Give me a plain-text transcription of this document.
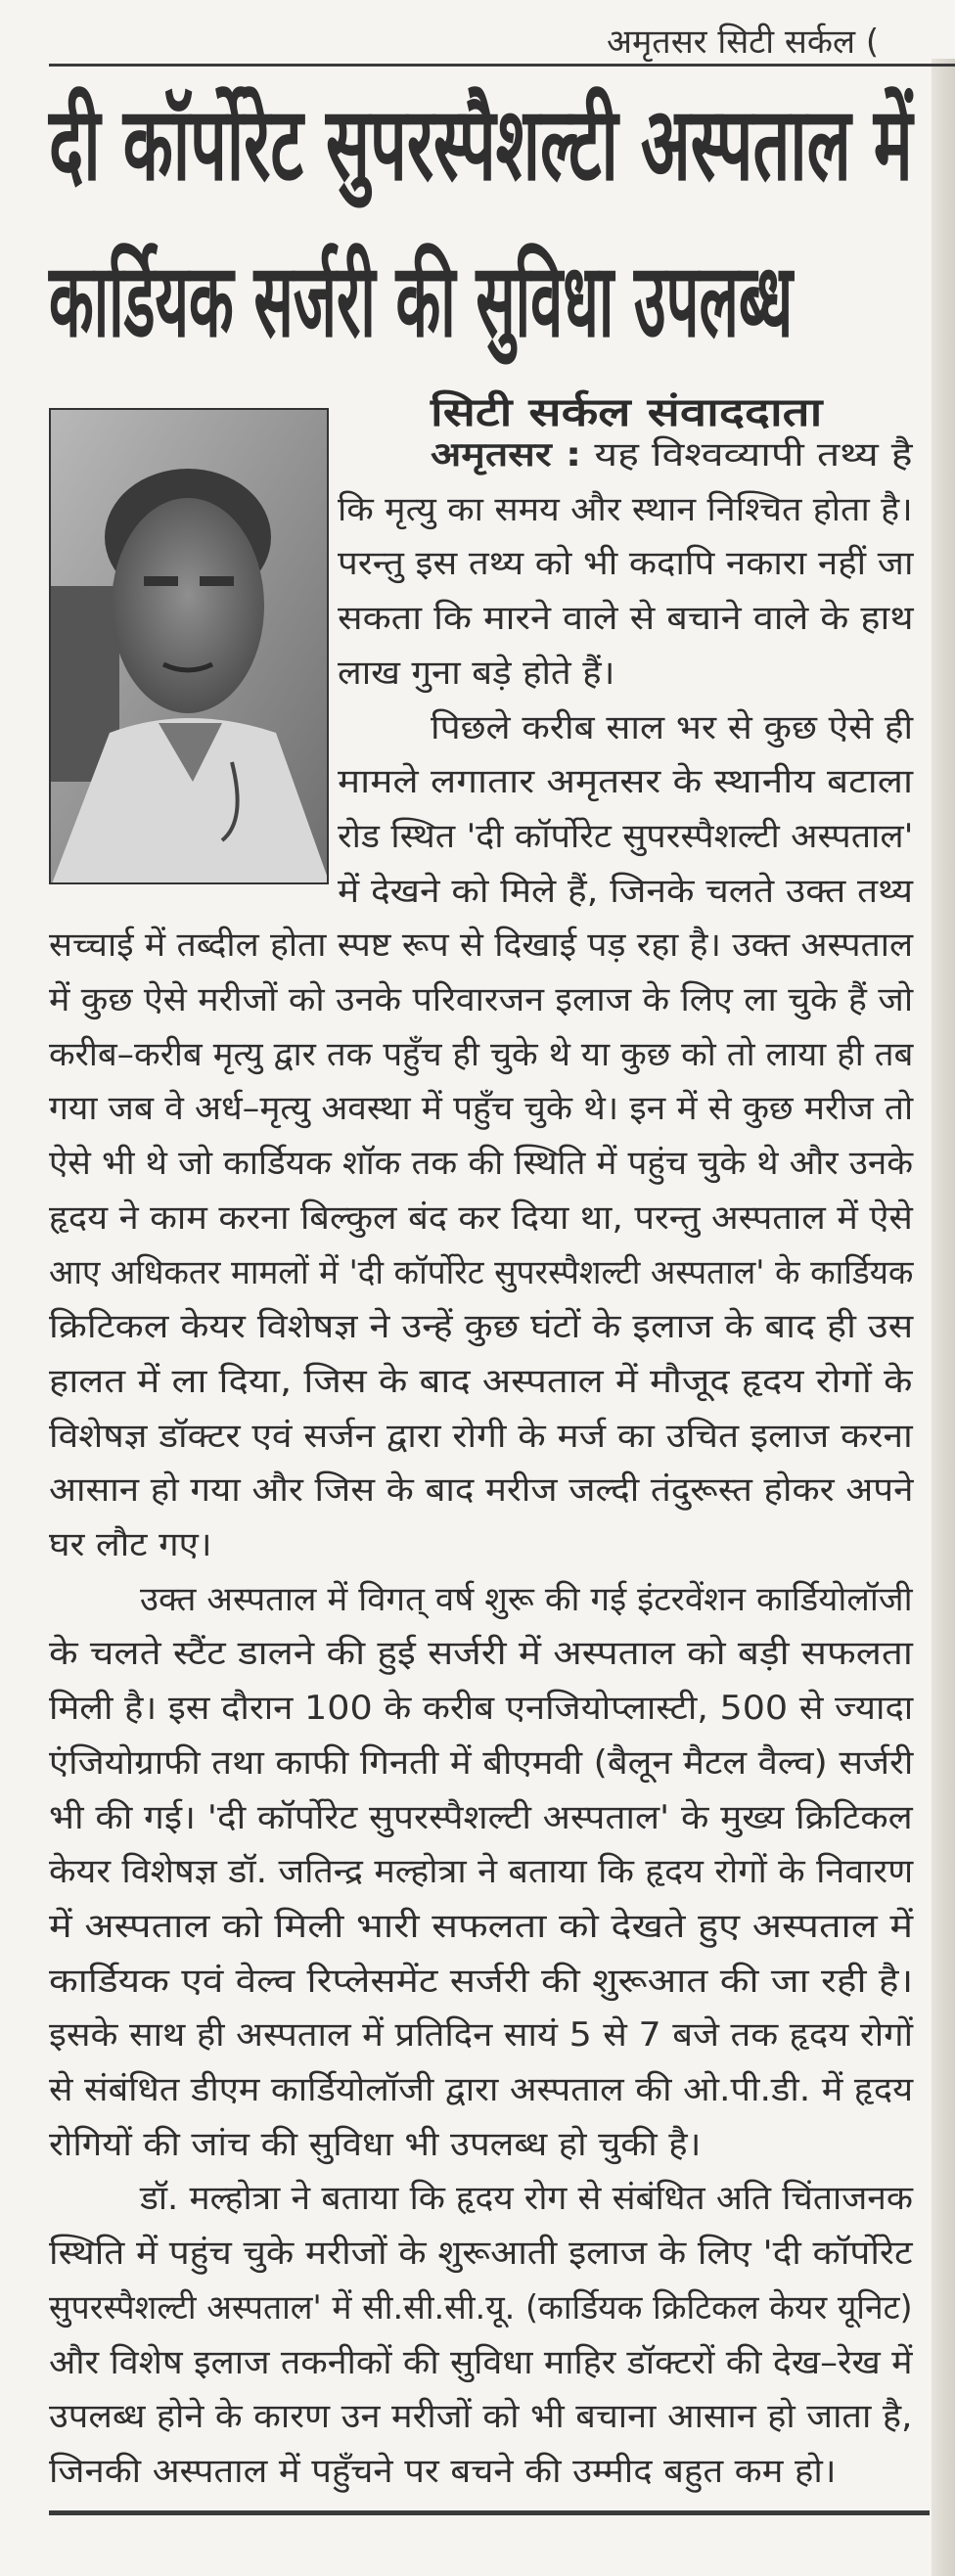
अमृतसर सिटी सर्कल (
दी कॉर्पोरेट सुपरस्पैशल्टी अस्पताल में
कार्डियक सर्जरी की सुविधा उपलब्ध
सिटी सर्कल संवाददाता
अमृतसर : यह विश्वव्यापी तथ्य है
कि मृत्यु का समय और स्थान निश्चित होता है।
परन्तु इस तथ्य को भी कदापि नकारा नहीं जा
सकता कि मारने वाले से बचाने वाले के हाथ
लाख गुना बड़े होते हैं।
पिछले करीब साल भर से कुछ ऐसे ही
मामले लगातार अमृतसर के स्थानीय बटाला
रोड स्थित 'दी कॉर्पोरेट सुपरस्पैशल्टी अस्पताल'
में देखने को मिले हैं, जिनके चलते उक्त तथ्य
सच्चाई में तब्दील होता स्पष्ट रूप से दिखाई पड़ रहा है। उक्त अस्पताल
में कुछ ऐसे मरीजों को उनके परिवारजन इलाज के लिए ला चुके हैं जो
करीब–करीब मृत्यु द्वार तक पहुँच ही चुके थे या कुछ को तो लाया ही तब
गया जब वे अर्ध–मृत्यु अवस्था में पहुँच चुके थे। इन में से कुछ मरीज तो
ऐसे भी थे जो कार्डियक शॉक तक की स्थिति में पहुंच चुके थे और उनके
हृदय ने काम करना बिल्कुल बंद कर दिया था, परन्तु अस्पताल में ऐसे
आए अधिकतर मामलों में 'दी कॉर्पोरेट सुपरस्पैशल्टी अस्पताल' के कार्डियक
क्रिटिकल केयर विशेषज्ञ ने उन्हें कुछ घंटों के इलाज के बाद ही उस
हालत में ला दिया, जिस के बाद अस्पताल में मौजूद हृदय रोगों के
विशेषज्ञ डॉक्टर एवं सर्जन द्वारा रोगी के मर्ज का उचित इलाज करना
आसान हो गया और जिस के बाद मरीज जल्दी तंदुरूस्त होकर अपने
घर लौट गए।
उक्त अस्पताल में विगत् वर्ष शुरू की गई इंटरवेंशन कार्डियोलॉजी
के चलते स्टैंट डालने की हुई सर्जरी में अस्पताल को बड़ी सफलता
मिली है। इस दौरान 100 के करीब एनजियोप्लास्टी, 500 से ज्यादा
एंजियोग्राफी तथा काफी गिनती में बीएमवी (बैलून मैटल वैल्व) सर्जरी
भी की गई। 'दी कॉर्पोरेट सुपरस्पैशल्टी अस्पताल' के मुख्य क्रिटिकल
केयर विशेषज्ञ डॉ. जतिन्द्र मल्होत्रा ने बताया कि हृदय रोगों के निवारण
में अस्पताल को मिली भारी सफलता को देखते हुए अस्पताल में
कार्डियक एवं वेल्व रिप्लेसमेंट सर्जरी की शुरूआत की जा रही है।
इसके साथ ही अस्पताल में प्रतिदिन सायं 5 से 7 बजे तक हृदय रोगों
से संबंधित डीएम कार्डियोलॉजी द्वारा अस्पताल की ओ.पी.डी. में हृदय
रोगियों की जांच की सुविधा भी उपलब्ध हो चुकी है।
डॉ. मल्होत्रा ने बताया कि हृदय रोग से संबंधित अति चिंताजनक
स्थिति में पहुंच चुके मरीजों के शुरूआती इलाज के लिए 'दी कॉर्पोरेट
सुपरस्पैशल्टी अस्पताल' में सी.सी.सी.यू. (कार्डियक क्रिटिकल केयर यूनिट)
और विशेष इलाज तकनीकों की सुविधा माहिर डॉक्टरों की देख–रेख में
उपलब्ध होने के कारण उन मरीजों को भी बचाना आसान हो जाता है,
जिनकी अस्पताल में पहुँचने पर बचने की उम्मीद बहुत कम हो।
